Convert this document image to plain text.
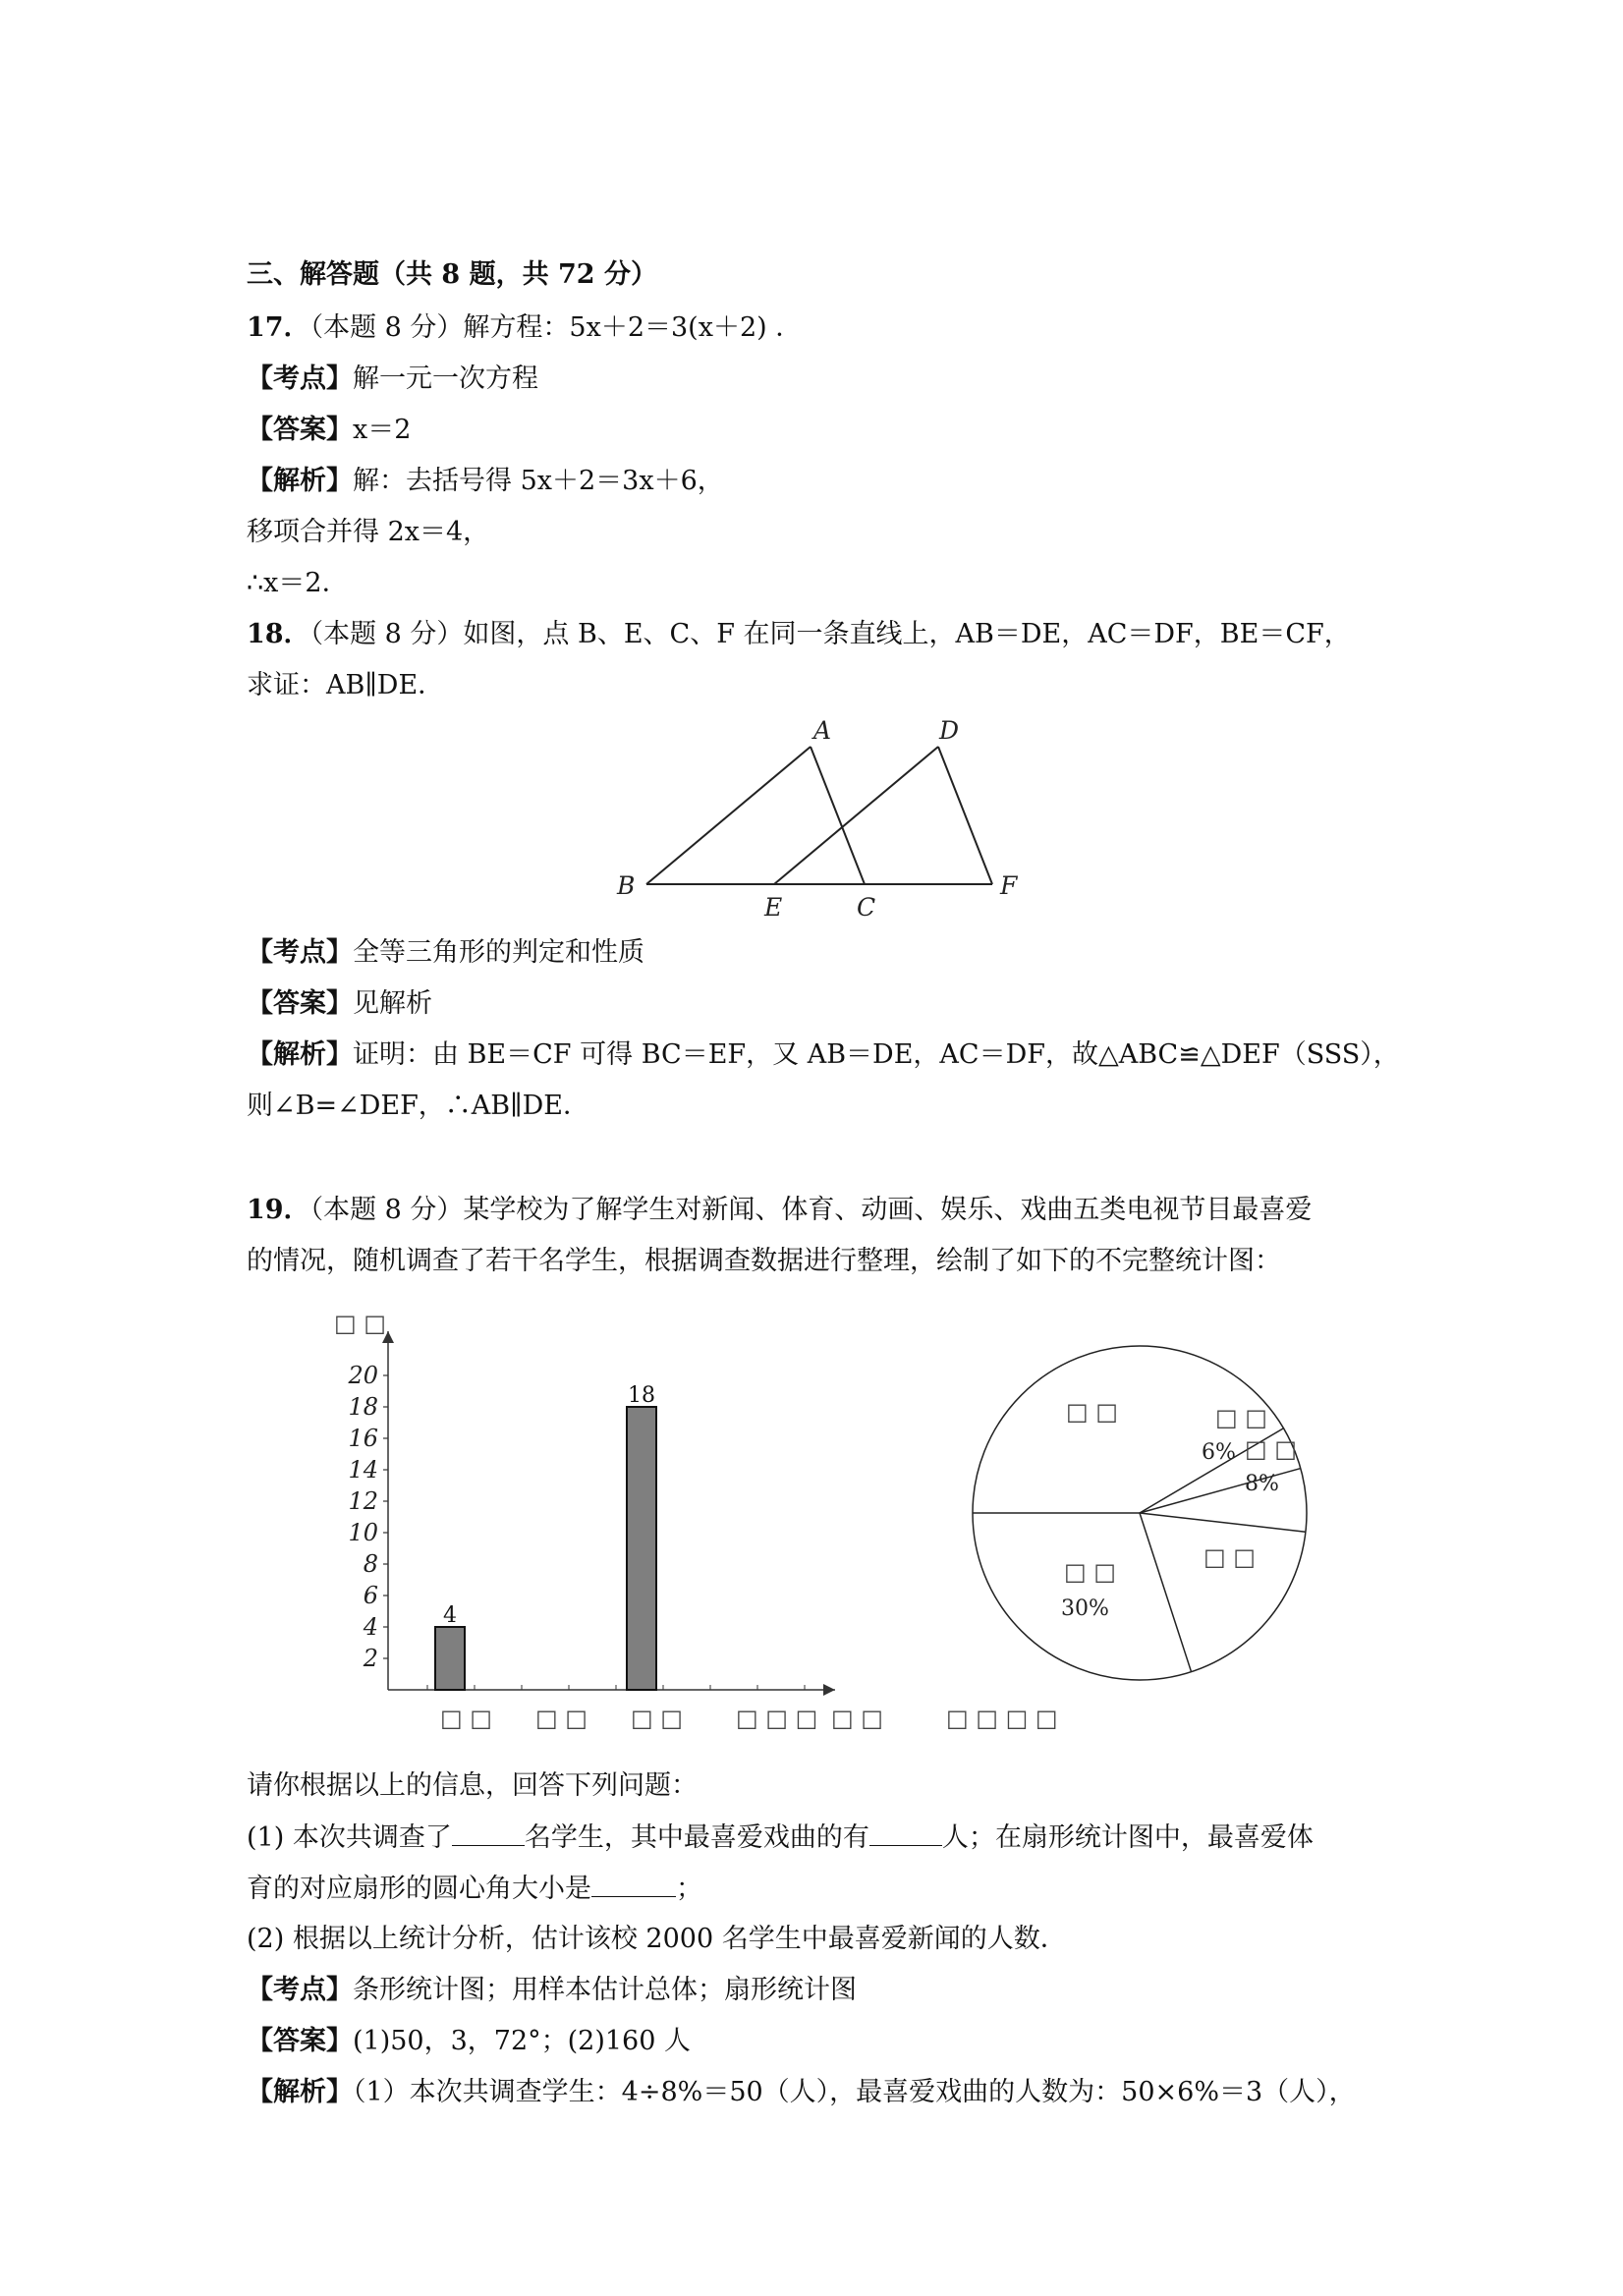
三、解答题（共 8 题，共 72 分）
17．（本题 8 分）解方程：5x＋2＝3(x＋2) ．
【考点】解一元一次方程
【答案】x＝2
【解析】解：去括号得 5x＋2＝3x＋6，
移项合并得 2x＝4，
∴x＝2．
18．（本题 8 分）如图，点 B、E、C、F 在同一条直线上，AB＝DE，AC＝DF，BE＝CF，
求证：AB∥DE．
A	D
B
E	C
F
【考点】全等三角形的判定和性质
【答案】见解析
【解析】证明：由 BE＝CF 可得 BC＝EF，又 AB＝DE，AC＝DF，故△ABC≌△DEF（SSS），
则∠B=∠DEF，∴AB∥DE．
19．（本题 8 分）某学校为了解学生对新闻、体育、动画、娱乐、戏曲五类电视节目最喜爱
的情况，随机调查了若干名学生，根据调查数据进行整理，绘制了如下的不完整统计图：
□ □
2
4
6
8
10
12
14
16
18
20
□ □
4
□ □ □ □ □ □ □
18
□ □	□ □ □ □
□ □	□ □
6% □ □
8%
□ □
□ □
30%
请你根据以上的信息，回答下列问题：
(1) 本次共调查了	名学生，其中最喜爱戏曲的有	人；在扇形统计图中，最喜爱体
育的对应扇形的圆心角大小是	；
(2) 根据以上统计分析，估计该校 2000 名学生中最喜爱新闻的人数．
【考点】条形统计图；用样本估计总体；扇形统计图
【答案】(1)50，3，72°；(2)160 人
【解析】（1）本次共调查学生：4÷8%＝50（人），最喜爱戏曲的人数为：50×6%＝3（人），
